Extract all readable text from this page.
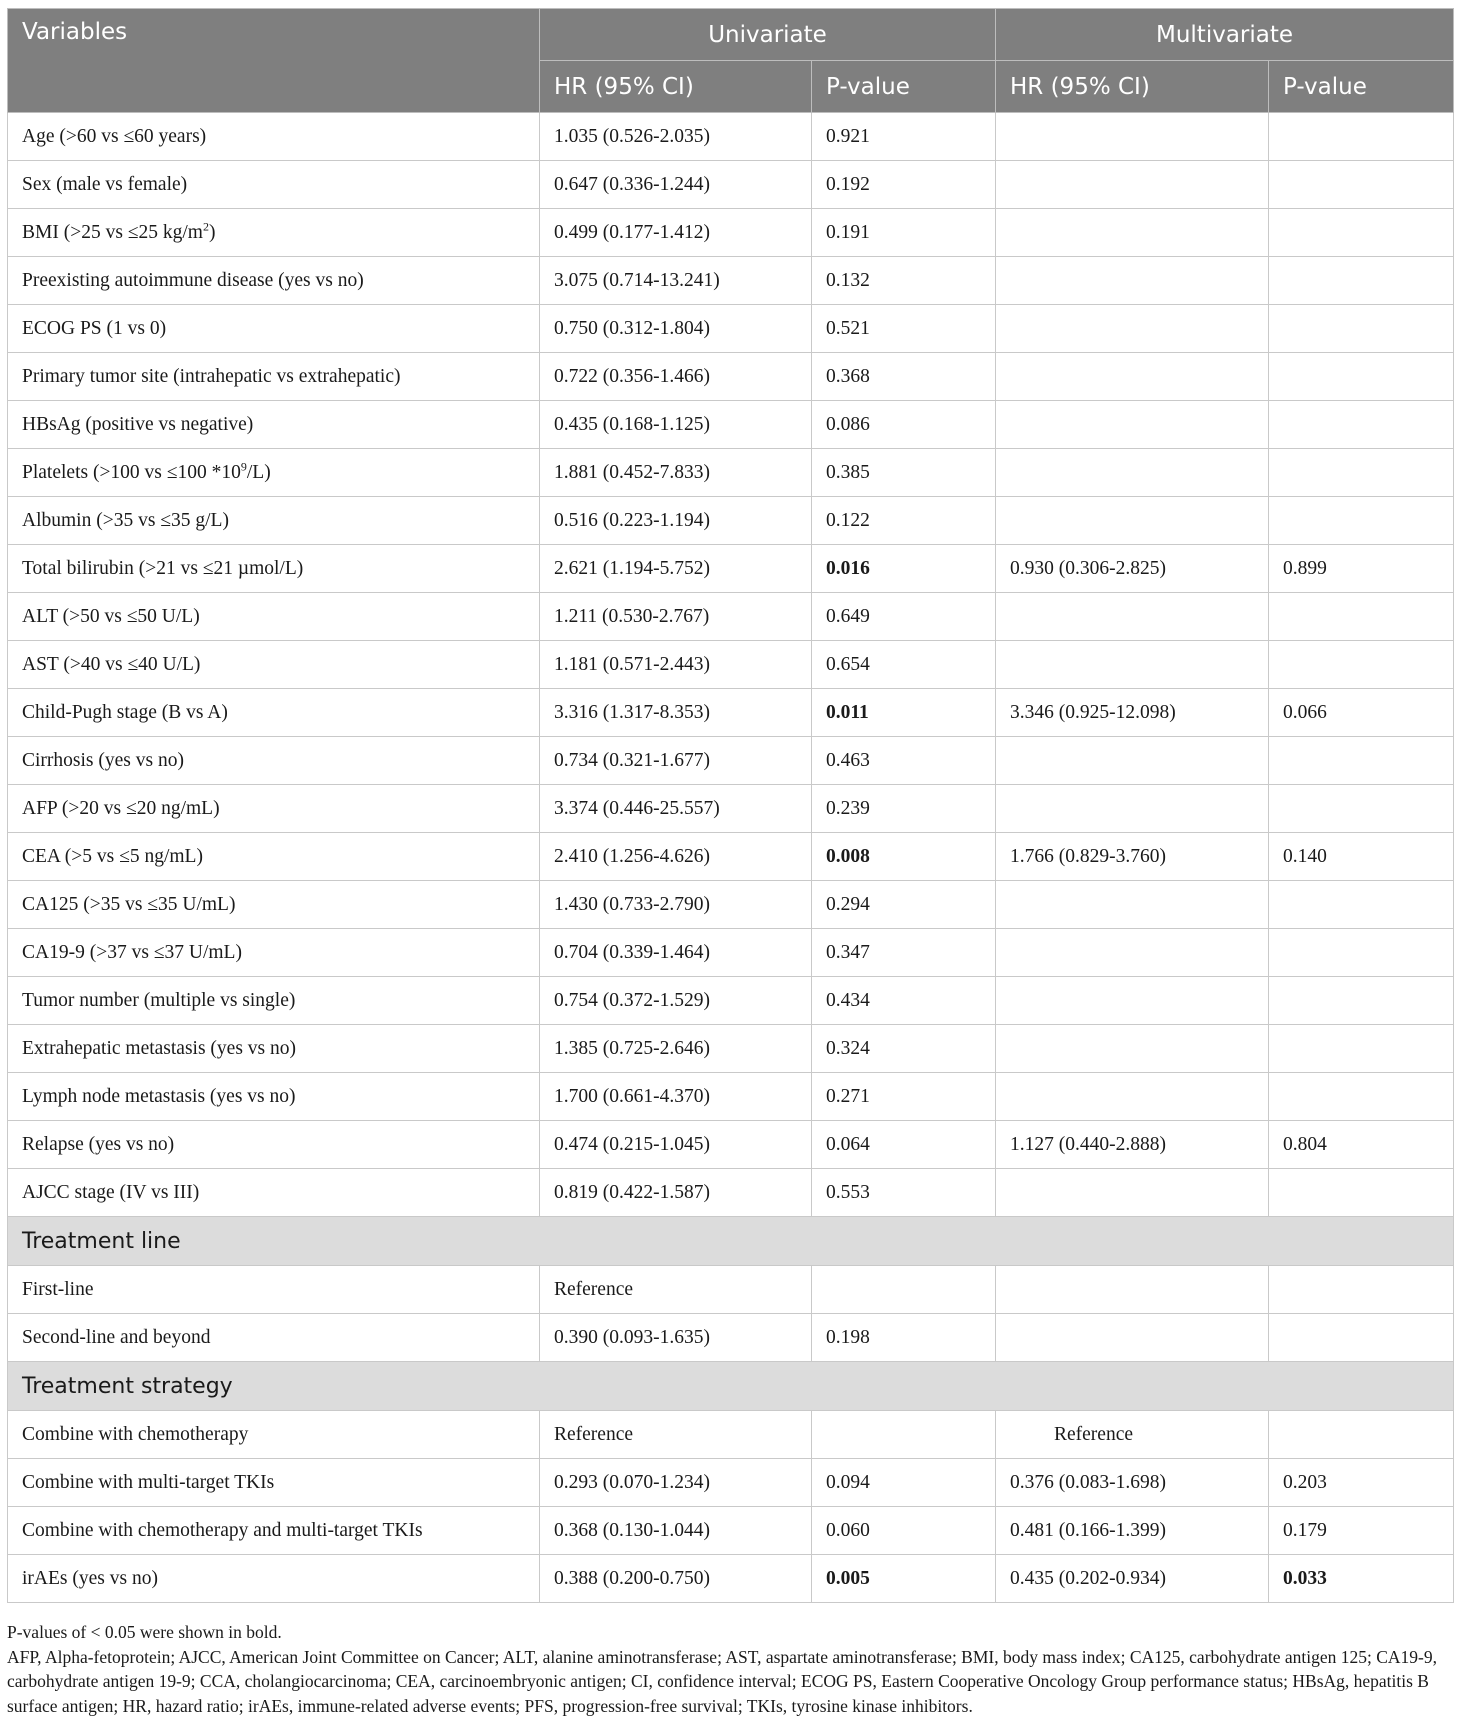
Variables	Univariate		Multivariate	
	HR (95% CI)	P-value	HR (95% CI)	P-value
Age (>60 vs ≤60 years)	1.035 (0.526-2.035)	0.921		
Sex (male vs female)	0.647 (0.336-1.244)	0.192		
BMI (>25 vs ≤25 $kg/m^2$)	0.499 (0.177-1.412)	0.191		
Preexisting autoimmune disease (yes vs no)	3.075 (0.714-13.241)	0.132		
ECOG PS (1 vs 0)	0.750 (0.312-1.804)	0.521		
Primary tumor site (intrahepatic vs extrahepatic)	0.722 (0.356-1.466)	0.368		
HBsAg (positive vs negative)	0.435 (0.168-1.125)	0.086		
Platelets (>100 vs ≤100 $*10^9/L$)	1.881 (0.452-7.833)	0.385		
Albumin (>35 vs ≤35 g/L)	0.516 (0.223-1.194)	0.122		
Total bilirubin (>21 vs ≤21 µmol/L)	2.621 (1.194-5.752)	0.016	0.930 (0.306-2.825)	0.899
ALT (>50 vs ≤50 U/L)	1.211 (0.530-2.767)	0.649		
AST (>40 vs ≤40 U/L)	1.181 (0.571-2.443)	0.654		
Child-Pugh stage (B vs A)	3.316 (1.317-8.353)	0.011	3.346 (0.925-12.098)	0.066
Cirrhosis (yes vs no)	0.734 (0.321-1.677)	0.463		
AFP (>20 vs ≤20 ng/mL)	3.374 (0.446-25.557)	0.239		
CEA (>5 vs ≤5 ng/mL)	2.410 (1.256-4.626)	0.008	1.766 (0.829-3.760)	0.140
CA125 (>35 vs ≤35 U/mL)	1.430 (0.733-2.790)	0.294		
CA19-9 (>37 vs ≤37 U/mL)	0.704 (0.339-1.464)	0.347		
Tumor number (multiple vs single)	0.754 (0.372-1.529)	0.434		
Extrahepatic metastasis (yes vs no)	1.385 (0.725-2.646)	0.324		
Lymph node metastasis (yes vs no)	1.700 (0.661-4.370)	0.271		
Relapse (yes vs no)	0.474 (0.215-1.045)	0.064	1.127 (0.440-2.888)	0.804
AJCC stage (IV vs III)	0.819 (0.422-1.587)	0.553		
Treatment line				
First-line	Reference			
Second-line and beyond	0.390 (0.093-1.635)	0.198		
Treatment strategy				
Combine with chemotherapy	Reference		Reference	
Combine with multi-target TKIs	0.293 (0.070-1.234)	0.094	0.376 (0.083-1.698)	0.203
Combine with chemotherapy and multi-target TKIs	0.368 (0.130-1.044)	0.060	0.481 (0.166-1.399)	0.179
irAEs (yes vs no)	0.388 (0.200-0.750)	0.005	0.435 (0.202-0.934)	0.033

P-values of < 0.05 were shown in bold.

AFP, Alpha-fetoprotein; AJCC, American Joint Committee on Cancer; ALT, alanine aminotransferase; AST, aspartate aminotransferase; BMI, body mass index; CA125, carbohydrate antigen 125; CA19-9, carbohydrate antigen 19-9; CCA, cholangiocarcinoma; CEA, carcinoembryonic antigen; CI, confidence interval; ECOG PS, Eastern Cooperative Oncology Group performance status; HBsAg, hepatitis B surface antigen; HR, hazard ratio; irAEs, immune-related adverse events; PFS, progression-free survival; TKIs, tyrosine kinase inhibitors.
